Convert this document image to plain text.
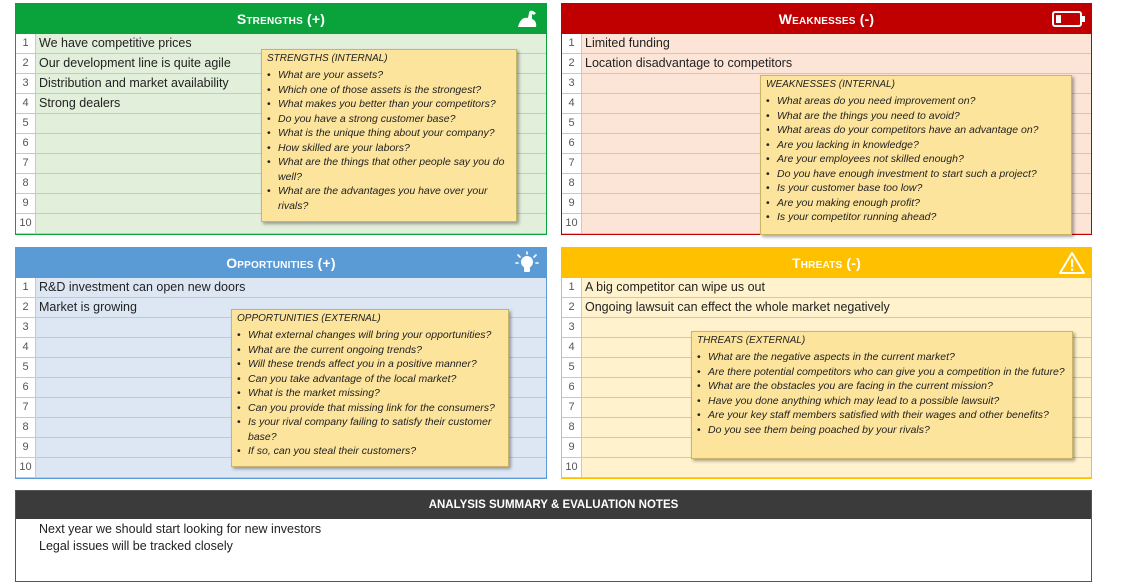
Strengths (+)
1 We have competitive prices
2 Our development line is quite agile
3 Distribution and market availability
4 Strong dealers
5
6
7
8
9
10
Weaknesses (-)
1 Limited funding
2 Location disadvantage to competitors
3
4
5
6
7
8
9
10
Opportunities (+)
1 R&D investment can open new doors
2 Market is growing
3
4
5
6
7
8
9
10
Threats (-)
1 A big competitor can wipe us out
2 Ongoing lawsuit can effect the whole market negatively
3
4
5
6
7
8
9
10
STRENGTHS (INTERNAL)
• What are your assets?
• Which one of those assets is the strongest?
• What makes you better than your competitors?
• Do you have a strong customer base?
• What is the unique thing about your company?
• How skilled are your labors?
• What are the things that other people say you do well?
• What are the advantages you have over your rivals?
WEAKNESSES (INTERNAL)
• What areas do you need improvement on?
• What are the things you need to avoid?
• What areas do your competitors have an advantage on?
• Are you lacking in knowledge?
• Are your employees not skilled enough?
• Do you have enough investment to start such a project?
• Is your customer base too low?
• Are you making enough profit?
• Is your competitor running ahead?
OPPORTUNITIES (EXTERNAL)
• What external changes will bring your opportunities?
• What are the current ongoing trends?
• Will these trends affect you in a positive manner?
• Can you take advantage of the local market?
• What is the market missing?
• Can you provide that missing link for the consumers?
• Is your rival company failing to satisfy their customer base?
• If so, can you steal their customers?
THREATS (EXTERNAL)
• What are the negative aspects in the current market?
• Are there potential competitors who can give you a competition in the future?
• What are the obstacles you are facing in the current mission?
• Have you done anything which may lead to a possible lawsuit?
• Are your key staff members satisfied with their wages and other benefits?
• Do you see them being poached by your rivals?
ANALYSIS SUMMARY & EVALUATION NOTES
Next year we should start looking for new investors
Legal issues will be tracked closely
